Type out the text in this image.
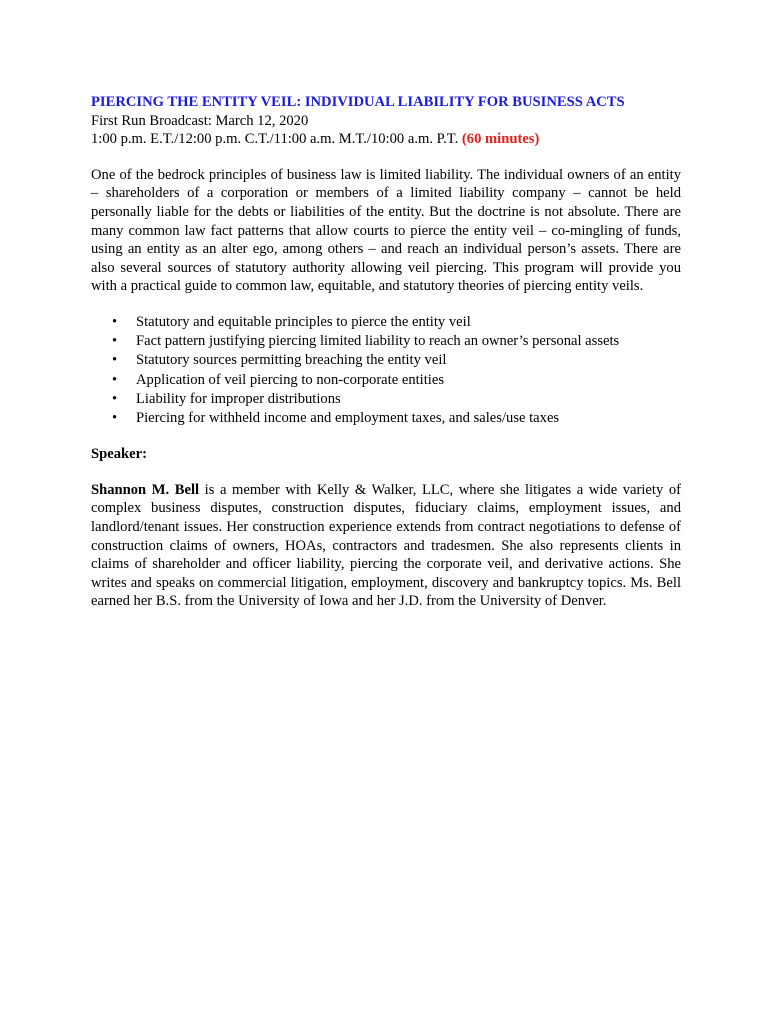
PIERCING THE ENTITY VEIL: INDIVIDUAL LIABILITY FOR BUSINESS ACTS
First Run Broadcast: March 12, 2020
1:00 p.m. E.T./12:00 p.m. C.T./11:00 a.m. M.T./10:00 a.m. P.T. (60 minutes)

One of the bedrock principles of business law is limited liability. The individual owners of an entity – shareholders of a corporation or members of a limited liability company – cannot be held personally liable for the debts or liabilities of the entity. But the doctrine is not absolute. There are many common law fact patterns that allow courts to pierce the entity veil – co-mingling of funds, using an entity as an alter ego, among others – and reach an individual person’s assets. There are also several sources of statutory authority allowing veil piercing. This program will provide you with a practical guide to common law, equitable, and statutory theories of piercing entity veils.

• Statutory and equitable principles to pierce the entity veil
• Fact pattern justifying piercing limited liability to reach an owner’s personal assets
• Statutory sources permitting breaching the entity veil
• Application of veil piercing to non-corporate entities
• Liability for improper distributions
• Piercing for withheld income and employment taxes, and sales/use taxes
Speaker:

Shannon M. Bell is a member with Kelly & Walker, LLC, where she litigates a wide variety of complex business disputes, construction disputes, fiduciary claims, employment issues, and landlord/tenant issues. Her construction experience extends from contract negotiations to defense of construction claims of owners, HOAs, contractors and tradesmen. She also represents clients in claims of shareholder and officer liability, piercing the corporate veil, and derivative actions. She writes and speaks on commercial litigation, employment, discovery and bankruptcy topics. Ms. Bell earned her B.S. from the University of Iowa and her J.D. from the University of Denver.
